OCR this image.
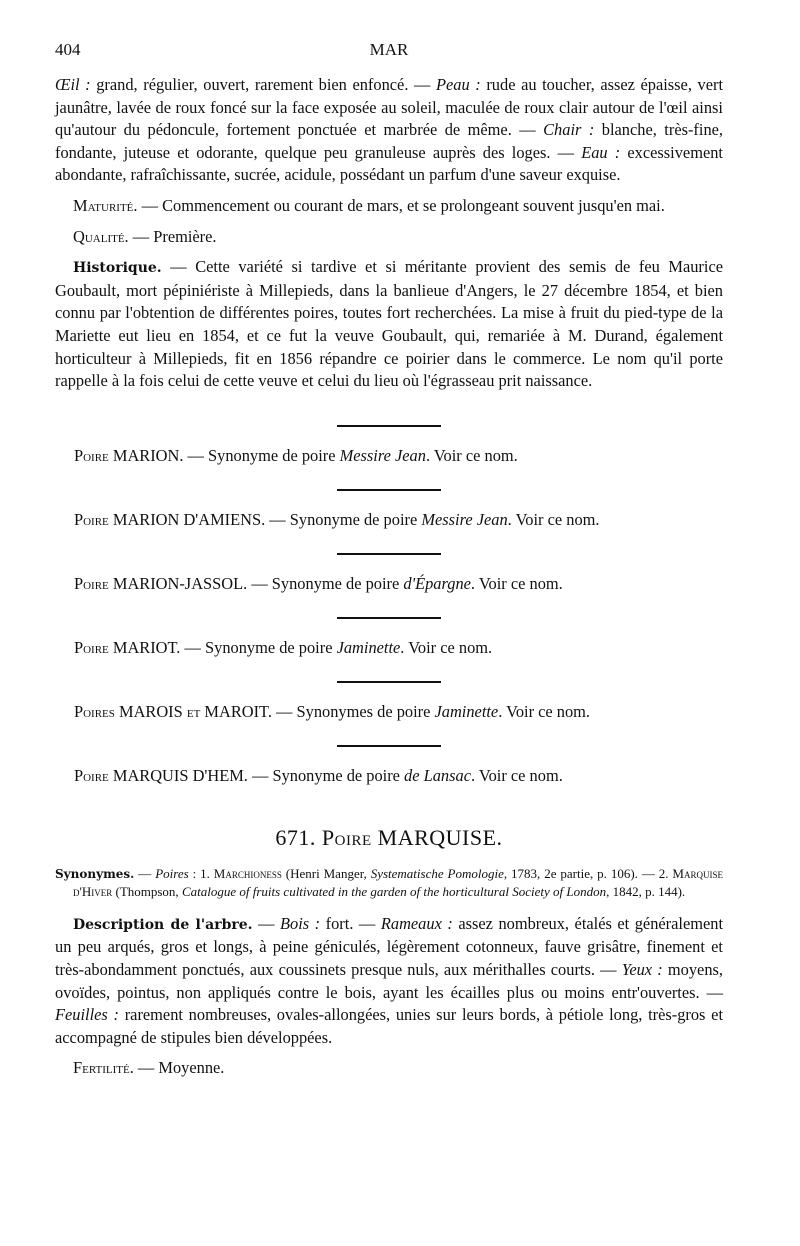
404	MAR

Œil : grand, régulier, ouvert, rarement bien enfoncé. — Peau : rude au toucher, assez épaisse, vert jaunâtre, lavée de roux foncé sur la face exposée au soleil, maculée de roux clair autour de l'œil ainsi qu'autour du pédoncule, fortement ponctuée et marbrée de même. — Chair : blanche, très-fine, fondante, juteuse et odorante, quelque peu granuleuse auprès des loges. — Eau : excessivement abondante, rafraîchissante, sucrée, acidule, possédant un parfum d'une saveur exquise.

Maturité. — Commencement ou courant de mars, et se prolongeant souvent jusqu'en mai.

Qualité. — Première.

Historique. — Cette variété si tardive et si méritante provient des semis de feu Maurice Goubault, mort pépiniériste à Millepieds, dans la banlieue d'Angers, le 27 décembre 1854, et bien connu par l'obtention de différentes poires, toutes fort recherchées. La mise à fruit du pied-type de la Mariette eut lieu en 1854, et ce fut la veuve Goubault, qui, remariée à M. Durand, également horticulteur à Millepieds, fit en 1856 répandre ce poirier dans le commerce. Le nom qu'il porte rappelle à la fois celui de cette veuve et celui du lieu où l'égrasseau prit naissance.

Poire MARION. — Synonyme de poire Messire Jean. Voir ce nom.

Poire MARION D'AMIENS. — Synonyme de poire Messire Jean. Voir ce nom.

Poire MARION-JASSOL. — Synonyme de poire d'Épargne. Voir ce nom.

Poire MARIOT. — Synonyme de poire Jaminette. Voir ce nom.

Poires MAROIS et MAROIT. — Synonymes de poire Jaminette. Voir ce nom.

Poire MARQUIS D'HEM. — Synonyme de poire de Lansac. Voir ce nom.

671. Poire MARQUISE.

Synonymes. — Poires : 1. Marchioness (Henri Manger, Systematische Pomologie, 1783, 2e partie, p. 106). — 2. Marquise d'Hiver (Thompson, Catalogue of fruits cultivated in the garden of the horticultural Society of London, 1842, p. 144).

Description de l'arbre. — Bois : fort. — Rameaux : assez nombreux, étalés et généralement un peu arqués, gros et longs, à peine géniculés, légèrement cotonneux, fauve grisâtre, finement et très-abondamment ponctués, aux coussinets presque nuls, aux mérithalles courts. — Yeux : moyens, ovoïdes, pointus, non appliqués contre le bois, ayant les écailles plus ou moins entr'ouvertes. — Feuilles : rarement nombreuses, ovales-allongées, unies sur leurs bords, à pétiole long, très-gros et accompagné de stipules bien développées.

Fertilité. — Moyenne.
